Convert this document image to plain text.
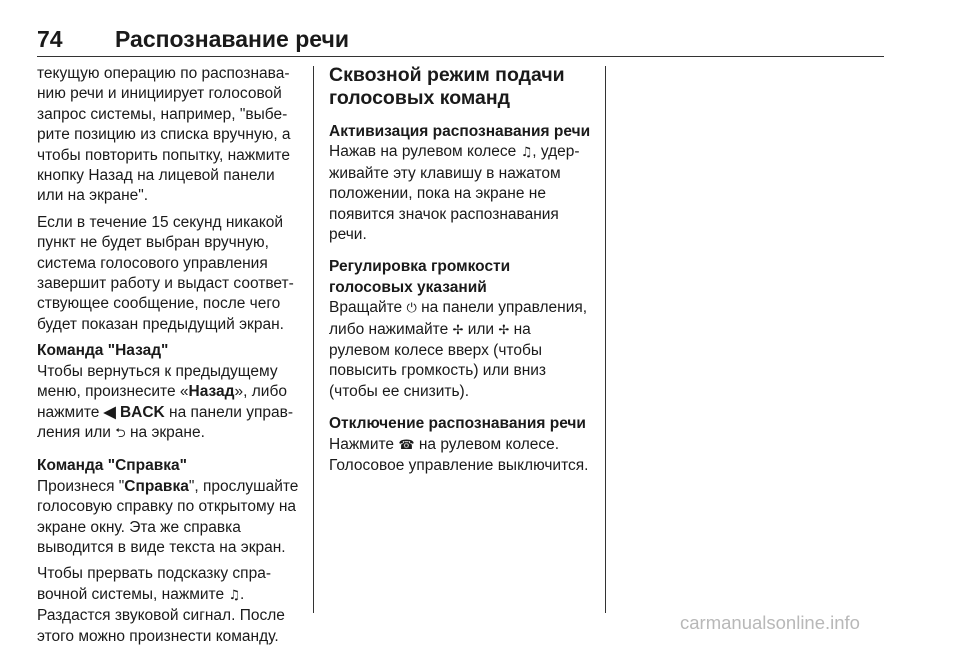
74 Распознавание речи

текущую операцию по распознаванию речи и инициирует голосовой запрос системы, например, "выберите позицию из списка вручную, а чтобы повторить попытку, нажмите кнопку Назад на лицевой панели или на экране".

Если в течение 15 секунд никакой пункт не будет выбран вручную, система голосового управления завершит работу и выдаст соответствующее сообщение, после чего будет показан предыдущий экран.

Команда "Назад"

Чтобы вернуться к предыдущему меню, произнесите «Назад», либо нажмите ◀ BACK на панели управления или ⮌ на экране.

Команда "Справка"

Произнеся "Справка", прослушайте голосовую справку по открытому на экране окну. Эта же справка выводится в виде текста на экран.

Чтобы прервать подсказку справочной системы, нажмите ♫. Раздастся звуковой сигнал. После этого можно произнести команду.

Сквозной режим подачи голосовых команд

Активизация распознавания речи

Нажав на рулевом колесе ♫, удерживайте эту клавишу в нажатом положении, пока на экране не появится значок распознавания речи.

Регулировка громкости голосовых указаний

Вращайте ⏻ на панели управления, либо нажимайте ✢ или ✢ на рулевом колесе вверх (чтобы повысить громкость) или вниз (чтобы ее снизить).

Отключение распознавания речи

Нажмите ☎ на рулевом колесе. Голосовое управление выключится.

carmanualsonline.info
